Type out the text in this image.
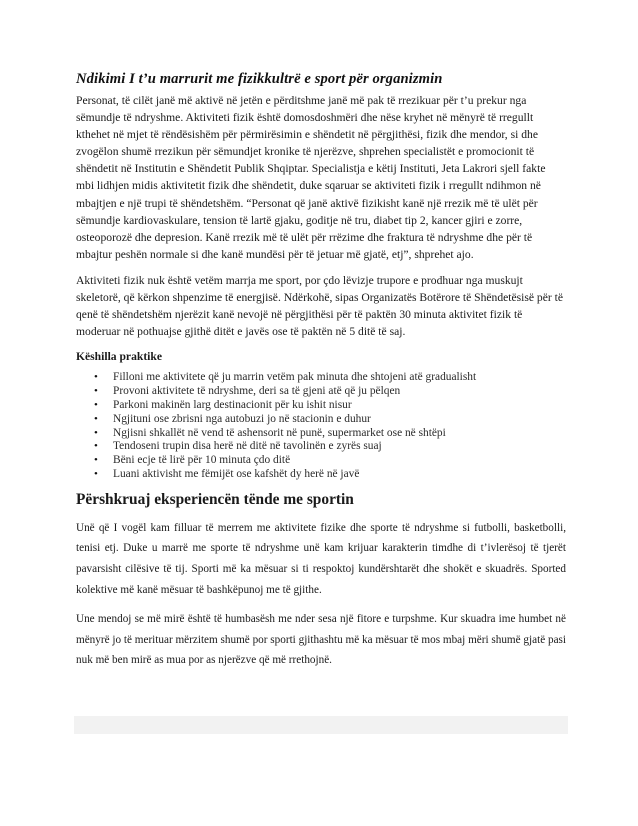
Ndikimi I t’u marrurit me fizikkultrë e sport për organizmin

Personat, të cilët janë më aktivë në jetën e përditshme janë më pak të rrezikuar për t’u prekur nga sëmundje të ndryshme. Aktiviteti fizik është domosdoshmëri dhe nëse kryhet në mënyrë të rregullt kthehet në mjet të rëndësishëm për përmirësimin e shëndetit në përgjithësi, fizik dhe mendor, si dhe zvogëlon shumë rrezikun për sëmundjet kronike të njerëzve, shprehen specialistët e promocionit të shëndetit në Institutin e Shëndetit Publik Shqiptar. Specialistja e këtij Instituti, Jeta Lakrori sjell fakte mbi lidhjen midis aktivitetit fizik dhe shëndetit, duke sqaruar se aktiviteti fizik i rregullt ndihmon në mbajtjen e një trupi të shëndetshëm. “Personat që janë aktivë fizikisht kanë një rrezik më të ulët për sëmundje kardiovaskulare, tension të lartë gjaku, goditje në tru, diabet tip 2, kancer gjiri e zorre, osteoporozë dhe depresion. Kanë rrezik më të ulët për rrëzime dhe fraktura të ndryshme dhe për të mbajtur peshën normale si dhe kanë mundësi për të jetuar më gjatë, etj”, shprehet ajo.

Aktiviteti fizik nuk është vetëm marrja me sport, por çdo lëvizje trupore e prodhuar nga muskujt skeletorë, që kërkon shpenzime të energjisë. Ndërkohë, sipas Organizatës Botërore të Shëndetësisë për të qenë të shëndetshëm njerëzit kanë nevojë në përgjithësi për të paktën 30 minuta aktivitet fizik të moderuar në pothuajse gjithë ditët e javës ose të paktën në 5 ditë të saj.

Këshilla praktike
• Filloni me aktivitete që ju marrin vetëm pak minuta dhe shtojeni atë gradualisht
• Provoni aktivitete të ndryshme, deri sa të gjeni atë që ju pëlqen
• Parkoni makinën larg destinacionit për ku ishit nisur
• Ngjituni ose zbrisni nga autobuzi jo në stacionin e duhur
• Ngjisni shkallët në vend të ashensorit në punë, supermarket ose në shtëpi
• Tendoseni trupin disa herë në ditë në tavolinën e zyrës suaj
• Bëni ecje të lirë për 10 minuta çdo ditë
• Luani aktivisht me fëmijët ose kafshët dy herë në javë
Përshkruaj eksperiencën tënde me sportin

Unë që I vogël kam filluar të merrem me aktivitete fizike dhe sporte të ndryshme si futbolli, basketbolli, tenisi etj. Duke u marrë me sporte të ndryshme unë kam krijuar karakterin timdhe di t’ivlerësoj të tjerët pavarsisht cilësive të tij. Sporti më ka mësuar si ti respoktoj kundërshtarët dhe shokët e skuadrës. Sported kolektive më kanë mësuar të bashkëpunoj me të gjithe.

Une mendoj se më mirë është të humbasësh me nder sesa një fitore e turpshme. Kur skuadra ime humbet në mënyrë jo të merituar mërzitem shumë por sporti gjithashtu më ka mësuar të mos mbaj mëri shumë gjatë pasi nuk më ben mirë as mua por as njerëzve që më rrethojnë.
